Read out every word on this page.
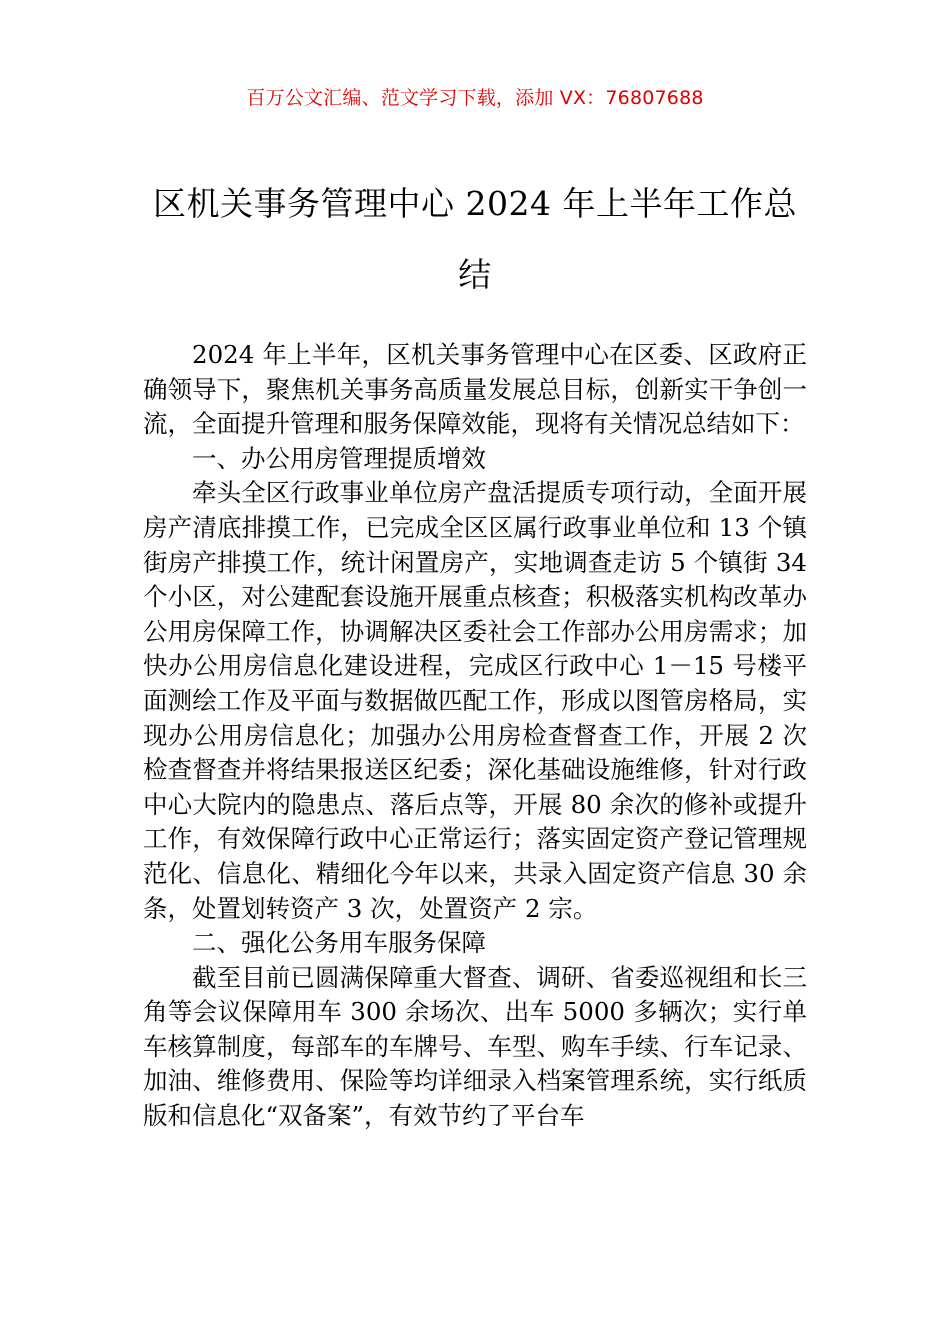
百万公文汇编、范文学习下载，添加 VX：76807688
区机关事务管理中心 2024 年上半年工作总结

2024 年上半年，区机关事务管理中心在区委、区政府正确领导下，聚焦机关事务高质量发展总目标，创新实干争创一流，全面提升管理和服务保障效能，现将有关情况总结如下：

一、办公用房管理提质增效

牵头全区行政事业单位房产盘活提质专项行动，全面开展房产清底排摸工作，已完成全区区属行政事业单位和 13 个镇街房产排摸工作，统计闲置房产，实地调查走访 5 个镇街 34 个小区，对公建配套设施开展重点核查；积极落实机构改革办公用房保障工作，协调解决区委社会工作部办公用房需求；加快办公用房信息化建设进程，完成区行政中心 1－15 号楼平面测绘工作及平面与数据做匹配工作，形成以图管房格局，实现办公用房信息化；加强办公用房检查督查工作，开展 2 次检查督查并将结果报送区纪委；深化基础设施维修，针对行政中心大院内的隐患点、落后点等，开展 80 余次的修补或提升工作，有效保障行政中心正常运行；落实固定资产登记管理规范化、信息化、精细化今年以来，共录入固定资产信息 30 余条，处置划转资产 3 次，处置资产 2 宗。

二、强化公务用车服务保障

截至目前已圆满保障重大督查、调研、省委巡视组和长三角等会议保障用车 300 余场次、出车 5000 多辆次；实行单车核算制度，每部车的车牌号、车型、购车手续、行车记录、加油、维修费用、保险等均详细录入档案管理系统，实行纸质版和信息化“双备案”，有效节约了平台车
